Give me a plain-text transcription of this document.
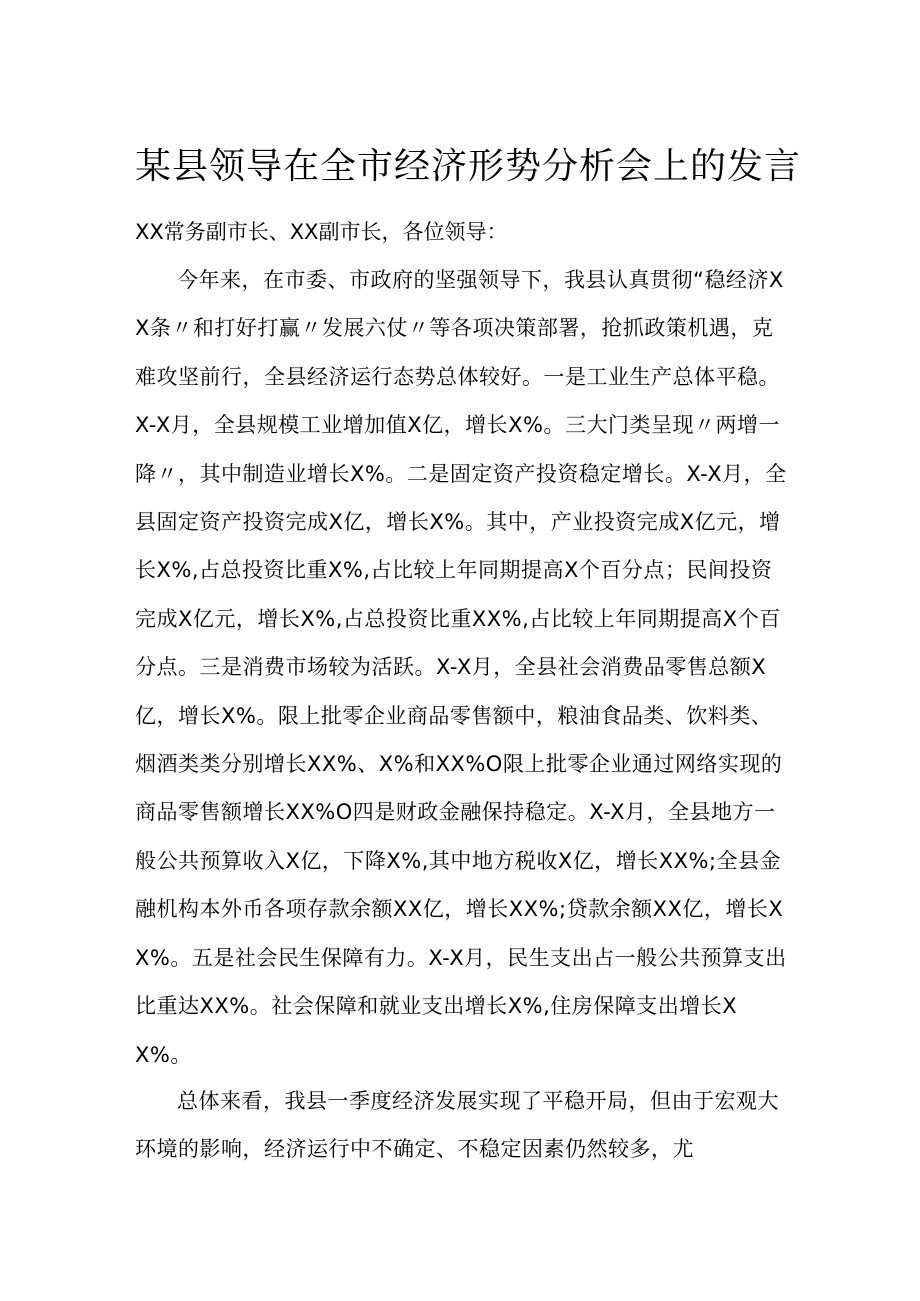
某县领导在全市经济形势分析会上的发言

XX常务副市长、XX副市长，各位领导：

今年来，在市委、市政府的坚强领导下，我县认真贯彻“稳经济XX条〃和打好打赢〃发展六仗〃等各项决策部署，抢抓政策机遇，克难攻坚前行，全县经济运行态势总体较好。一是工业生产总体平稳。X-X月，全县规模工业增加值X亿，增长X%。三大门类呈现〃两增一降〃，其中制造业增长X%。二是固定资产投资稳定增长。X-X月，全县固定资产投资完成X亿，增长X%。其中，产业投资完成X亿元，增长X%,占总投资比重X%,占比较上年同期提高X个百分点；民间投资完成X亿元，增长X%,占总投资比重XX%,占比较上年同期提高X个百分点。三是消费市场较为活跃。X-X月，全县社会消费品零售总额X亿，增长X%。限上批零企业商品零售额中，粮油食品类、饮料类、烟酒类类分别增长XX%、X%和XX%O限上批零企业通过网络实现的商品零售额增长XX%O四是财政金融保持稳定。X-X月，全县地方一般公共预算收入X亿，下降X%,其中地方税收X亿，增长XX%;全县金融机构本外币各项存款余额XX亿，增长XX%;贷款余额XX亿，增长XX%。五是社会民生保障有力。X-X月，民生支出占一般公共预算支出比重达XX%。社会保障和就业支出增长X%,住房保障支出增长XX%。

总体来看，我县一季度经济发展实现了平稳开局，但由于宏观大环境的影响，经济运行中不确定、不稳定因素仍然较多，尤
